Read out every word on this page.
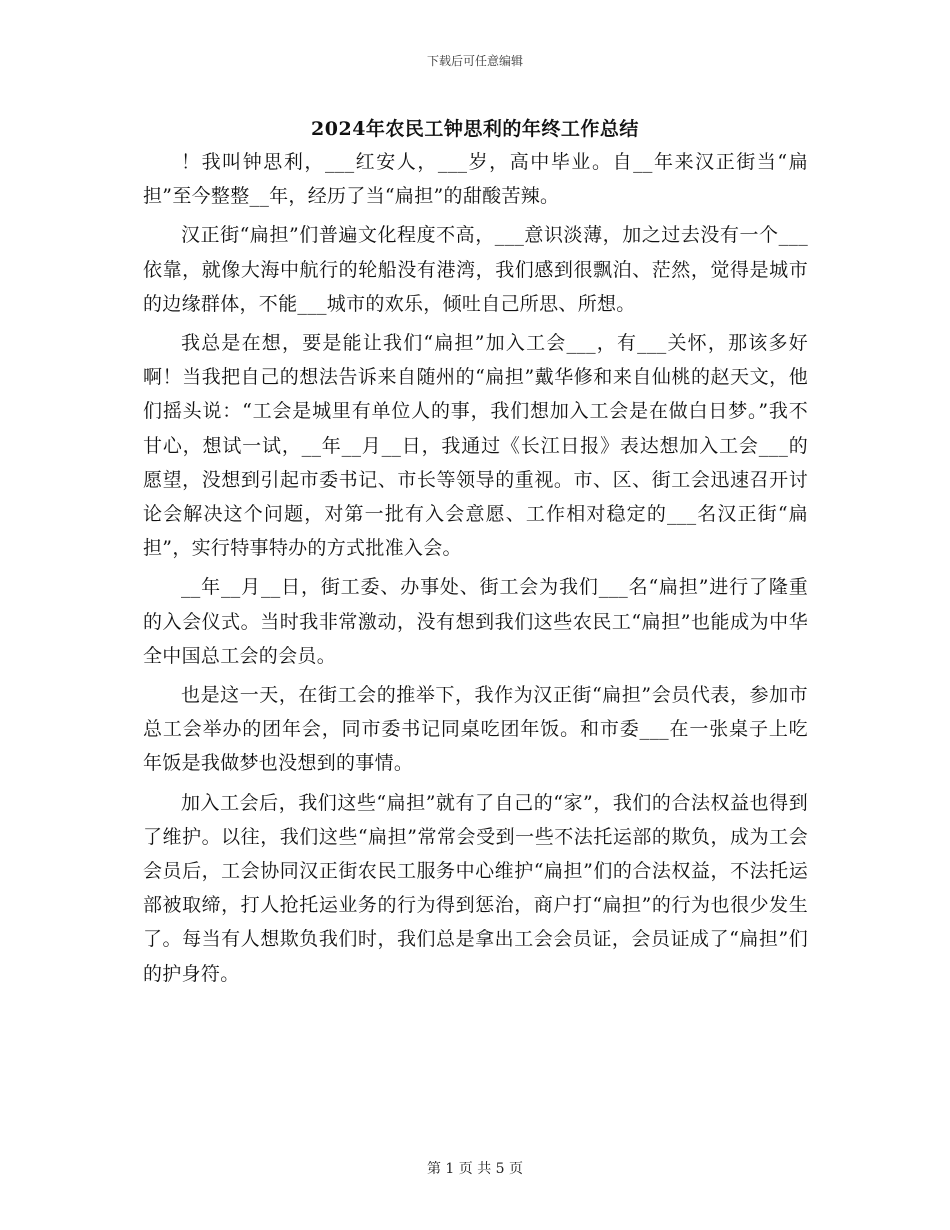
下载后可任意编辑
2024年农民工钟思利的年终工作总结

！我叫钟思利，___红安人，___岁，高中毕业。自__年来汉正街当“扁担”至今整整__年，经历了当“扁担”的甜酸苦辣。

汉正街“扁担”们普遍文化程度不高，___意识淡薄，加之过去没有一个___依靠，就像大海中航行的轮船没有港湾，我们感到很飘泊、茫然，觉得是城市的边缘群体，不能___城市的欢乐，倾吐自己所思、所想。

我总是在想，要是能让我们“扁担”加入工会___，有___关怀，那该多好啊！当我把自己的想法告诉来自随州的“扁担”戴华修和来自仙桃的赵天文，他们摇头说：“工会是城里有单位人的事，我们想加入工会是在做白日梦。”我不甘心，想试一试，__年__月__日，我通过《长江日报》表达想加入工会___的愿望，没想到引起市委书记、市长等领导的重视。市、区、街工会迅速召开讨论会解决这个问题，对第一批有入会意愿、工作相对稳定的___名汉正街“扁担”，实行特事特办的方式批准入会。

__年__月__日，街工委、办事处、街工会为我们___名“扁担”进行了隆重的入会仪式。当时我非常激动，没有想到我们这些农民工“扁担”也能成为中华全中国总工会的会员。

也是这一天，在街工会的推举下，我作为汉正街“扁担”会员代表，参加市总工会举办的团年会，同市委书记同桌吃团年饭。和市委___在一张桌子上吃年饭是我做梦也没想到的事情。

加入工会后，我们这些“扁担”就有了自己的“家”，我们的合法权益也得到了维护。以往，我们这些“扁担”常常会受到一些不法托运部的欺负，成为工会会员后，工会协同汉正街农民工服务中心维护“扁担”们的合法权益，不法托运部被取缔，打人抢托运业务的行为得到惩治，商户打“扁担”的行为也很少发生了。每当有人想欺负我们时，我们总是拿出工会会员证，会员证成了“扁担”们的护身符。

第 1 页 共 5 页
